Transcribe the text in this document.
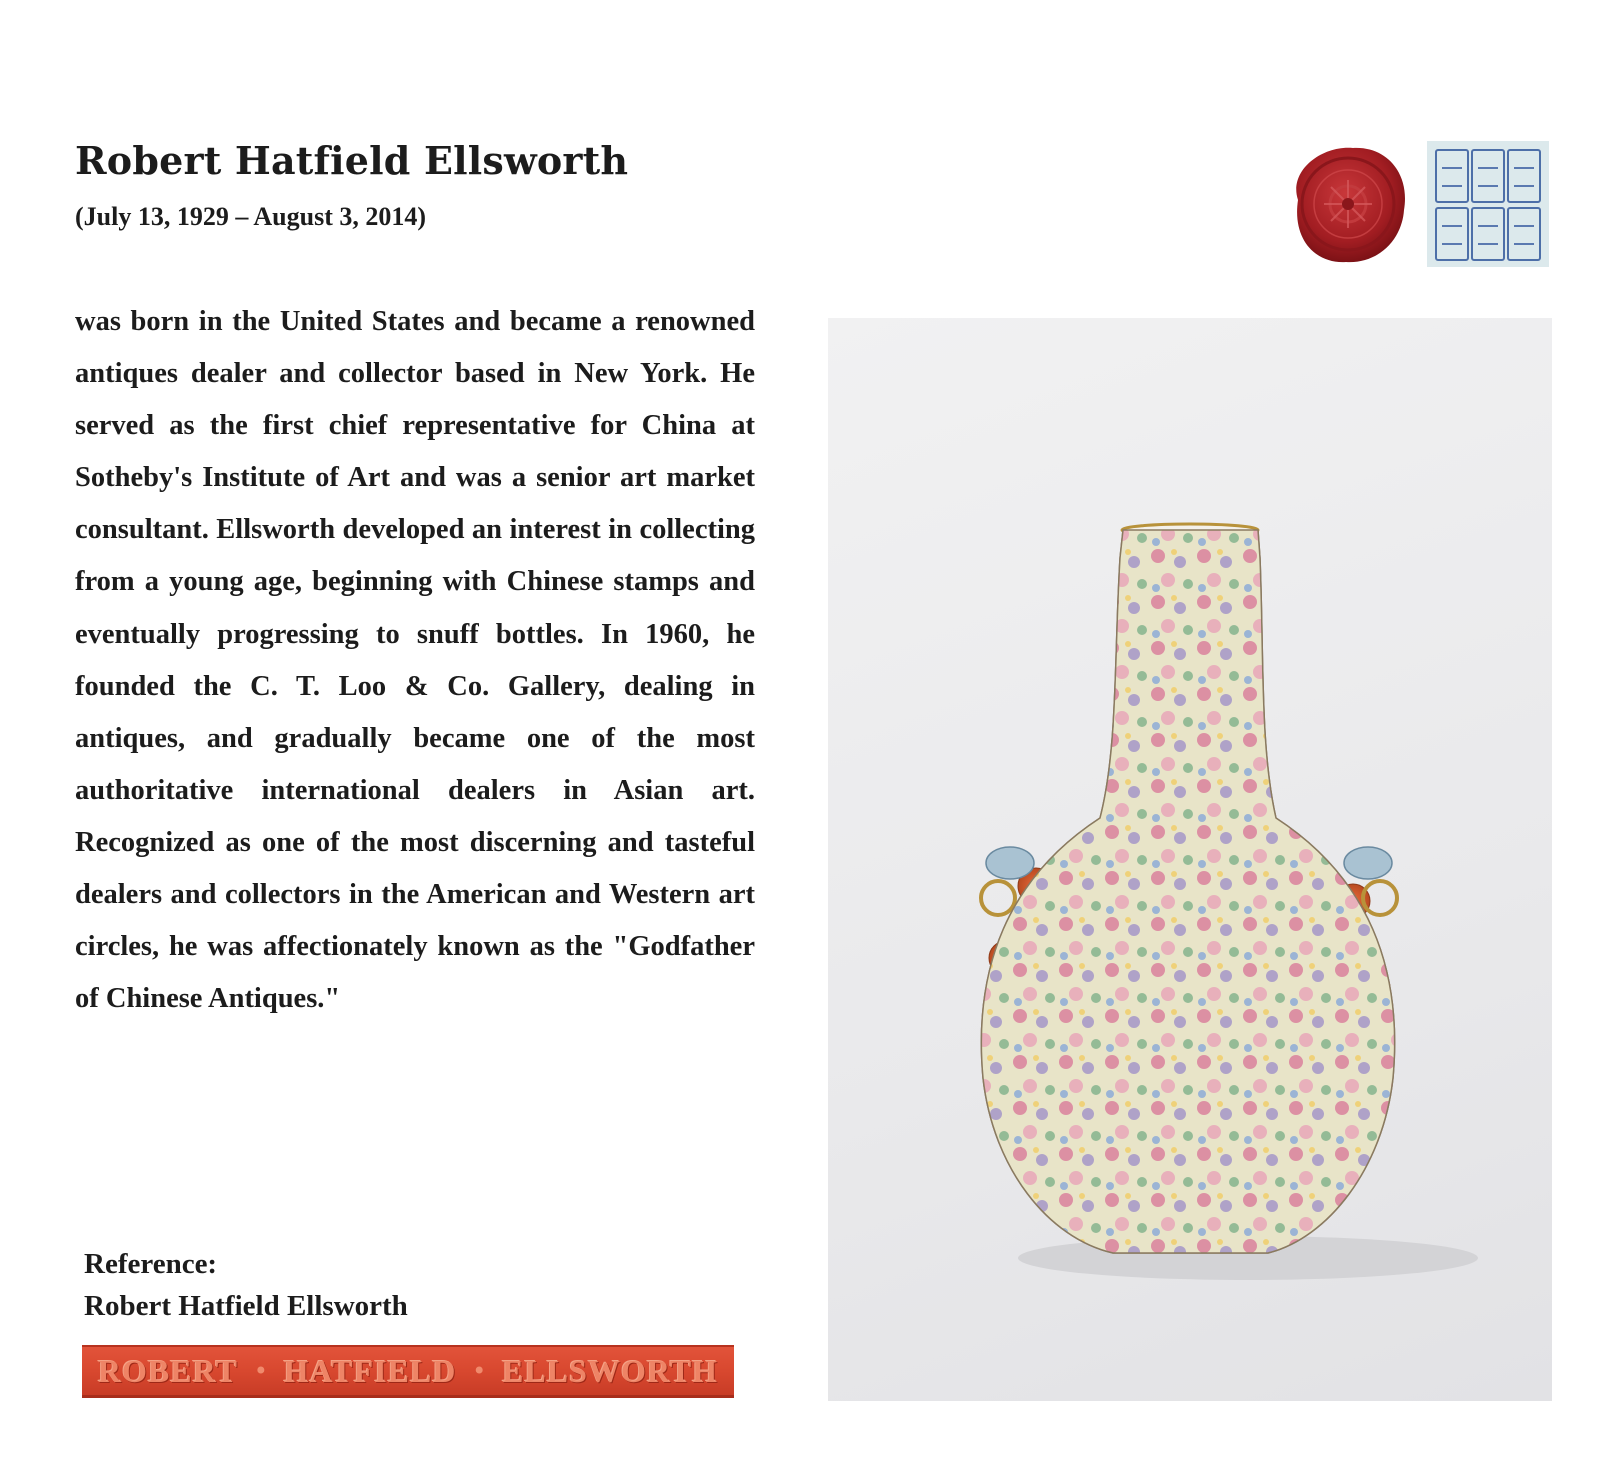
Robert Hatfield Ellsworth

(July 13, 1929 – August 3, 2014)

was born in the United States and became a renowned antiques dealer and collector based in New York. He served as the first chief representative for China at Sotheby's Institute of Art and was a senior art market consultant. Ellsworth developed an interest in collecting from a young age, beginning with Chinese stamps and eventually progressing to snuff bottles. In 1960, he founded the C. T. Loo & Co. Gallery, dealing in antiques, and gradually became one of the most authoritative international dealers in Asian art. Recognized as one of the most discerning and tasteful dealers and collectors in the American and Western art circles, he was affectionately known as the "Godfather of Chinese Antiques."

Reference:

Robert Hatfield Ellsworth

ROBERT • HATFIELD • ELLSWORTH
